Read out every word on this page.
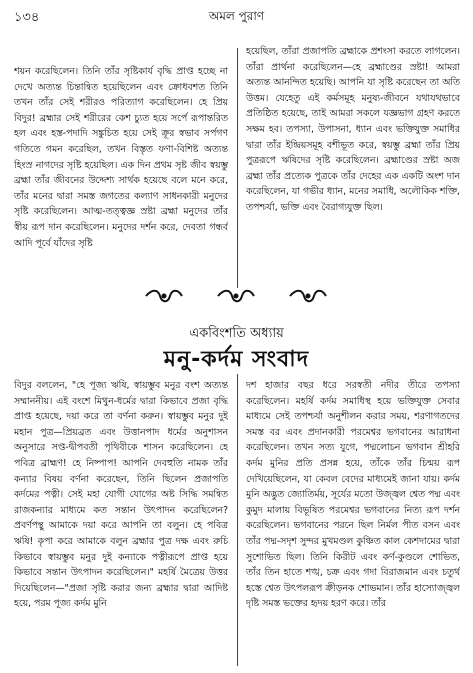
১৩৪	অমল পুরাণ
শয়ন করেছিলেন। তিনি তাঁর সৃষ্টিকার্য বৃদ্ধি প্রাপ্ত হচ্ছে না দেখে অত্যন্ত চিন্তান্বিত হয়েছিলেন এবং ক্রোধবশত তিনি তখন তাঁর সেই শরীরও পরিত্যাগ করেছিলেন। হে প্রিয় বিদুর! ব্রহ্মার সেই শরীরের কেশ চ্যুত হয়ে সর্পে রূপান্তরিত হল এবং হস্ত-পদাদি সঙ্কুচিত হয়ে সেই ক্রূর স্বভাব সর্পগণ গতিতে গমন করেছিল, তখন বিস্তৃত ফণা-বিশিষ্ট অত্যন্ত হিংস্র নাগদের সৃষ্টি হয়েছিল। এক দিন প্রথম সৃষ্ট জীব স্বয়ম্ভু ব্রহ্মা তাঁর জীবনের উদ্দেশ্য সার্থক হয়েছে বলে মনে করে, তাঁর মনের দ্বারা সমস্ত জগতের কল্যাণ সাধনকারী মনুদের সৃষ্টি করেছিলেন। আত্ম-তত্ত্বজ্ঞ স্রষ্টা ব্রহ্মা মনুদের তাঁর স্বীয় রূপ দান করেছিলেন। মনুদের দর্শন করে, দেবতা গন্ধর্ব আদি পূর্বে যাঁদের সৃষ্টি
হয়েছিল, তাঁরা প্রজাপতি ব্রহ্মাকে প্রশংসা করতে লাগলেন। তাঁরা প্রার্থনা করেছিলেন—হে ব্রহ্মাণ্ডের স্রষ্টা! আমরা অত্যন্ত আনন্দিত হয়েছি। আপনি যা সৃষ্টি করেছেন তা অতি উত্তম। যেহেতু এই কর্মসমূহ মনুষ্য-জীবনে যথাযথভাবে প্রতিষ্ঠিত হয়েছে, তাই আমরা সকলে যজ্ঞভাগ গ্রহণ করতে সক্ষম হব। তপস্যা, উপাসনা, ধ্যান এবং ভক্তিযুক্ত সমাধির দ্বারা তাঁর ইন্দ্রিয়সমূহ বশীভূত করে, স্বয়ম্ভু ব্রহ্মা তাঁর প্রিয় পুত্ররূপে ঋষিদের সৃষ্টি করেছিলেন। ব্রহ্মাণ্ডের স্রষ্টা অজ ব্রহ্মা তাঁর প্রত্যেক পুত্রকে তাঁর দেহের এক একটি অংশ দান করেছিলেন, যা গভীর ধ্যান, মনের সমাধি, অলৌকিক শক্তি, তপশ্চর্যা, ভক্তি এবং বৈরাগ্যযুক্ত ছিল।
একবিংশতি অধ্যায়
মনু-কর্দম সংবাদ
বিদুর বললেন, "হে পূজ্য ঋষি, স্বায়ম্ভুব মনুর বংশ অত্যন্ত সম্মাননীয়। এই বংশে মিথুন-ধর্মের দ্বারা কিভাবে প্রজা বৃদ্ধি প্রাপ্ত হয়েছে, দয়া করে তা বর্ণনা করুন। স্বায়ম্ভুব মনুর দুই মহান পুত্র—প্রিয়ব্রত এবং উত্তানপাদ ধর্মের অনুশাসন অনুসারে সপ্ত-দ্বীপবতী পৃথিবীকে শাসন করেছিলেন। হে পবিত্র ব্রাহ্মণ! হে নিষ্পাপ! আপনি দেবহুতি নামক তাঁর কন্যার বিষয় বর্ণনা করেছেন, তিনি ছিলেন প্রজাপতি কর্দমের পত্নী। সেই মহা যোগী যোগের অষ্ট সিদ্ধি সমন্বিত রাজকন্যার মাধ্যমে কত সন্তান উৎপাদন করেছিলেন? প্রবর্ণপন্থু আমাকে দয়া করে আপনি তা বলুন। হে পবিত্র ঋষি! কৃপা করে আমাকে বলুন ব্রহ্মার পুত্র দক্ষ এবং রুচি কিভাবে স্বায়ম্ভুব মনুর দুই কন্যাকে পত্নীরূপে প্রাপ্ত হয়ে কিভাবে সন্তান উৎপাদন করেছিলেন।" মহর্ষি মৈত্রেয় উত্তর দিয়েছিলেন—"প্রজা সৃষ্টি করার জন্য ব্রহ্মার দ্বারা আদিষ্ট হয়ে, পরম পূজ্য কর্দম মুনি
দশ হাজার বছর ধরে সরস্বতী নদীর তীরে তপস্যা করেছিলেন। মহর্ষি কর্দম সমাধিস্থ হয়ে ভক্তিযুক্ত সেবার মাধ্যমে সেই তপশ্চর্যা অনুশীলন করার সময়, শরণাগতদের সমস্ত বর এবং প্রদানকারী পরমেশ্বর ভগবানের আরাধনা করেছিলেন। তখন সত্য যুগে, পদ্মলোচন ভগবান শ্রীহরি কর্দম মুনির প্রতি প্রসন্ন হয়ে, তাঁকে তাঁর চিন্ময় রূপ দেখিয়েছিলেন, যা কেবল বেদের মাধ্যমেই জানা যায়। কর্দম মুনি অদ্ভুত জ্যোতির্ময়, সূর্যের মতো উজ্জ্বল শ্বেত পদ্ম এবং কুমুদ মালায় বিভূষিত পরমেশ্বর ভগবানের নিত্য রূপ দর্শন করেছিলেন। ভগবানের পরনে ছিল নির্মল পীত বসন এবং তাঁর পদ্ম-সদৃশ সুন্দর মুখমণ্ডল কুঞ্চিত কাল কেশদামের দ্বারা সুশোভিত ছিল। তিনি কিরীট এবং কর্ণ-কুণ্ডলে শোভিত, তাঁর তিন হাতে শঙ্খ, চক্র এবং গদা বিরাজমান এবং চতুর্থ হস্তে শ্বেত উৎপলরূপ ক্রীড়নক শোভমান। তাঁর হাস্যোজ্জ্বল দৃষ্টি সমস্ত ভক্তের হৃদয় হরণ করে। তাঁর
